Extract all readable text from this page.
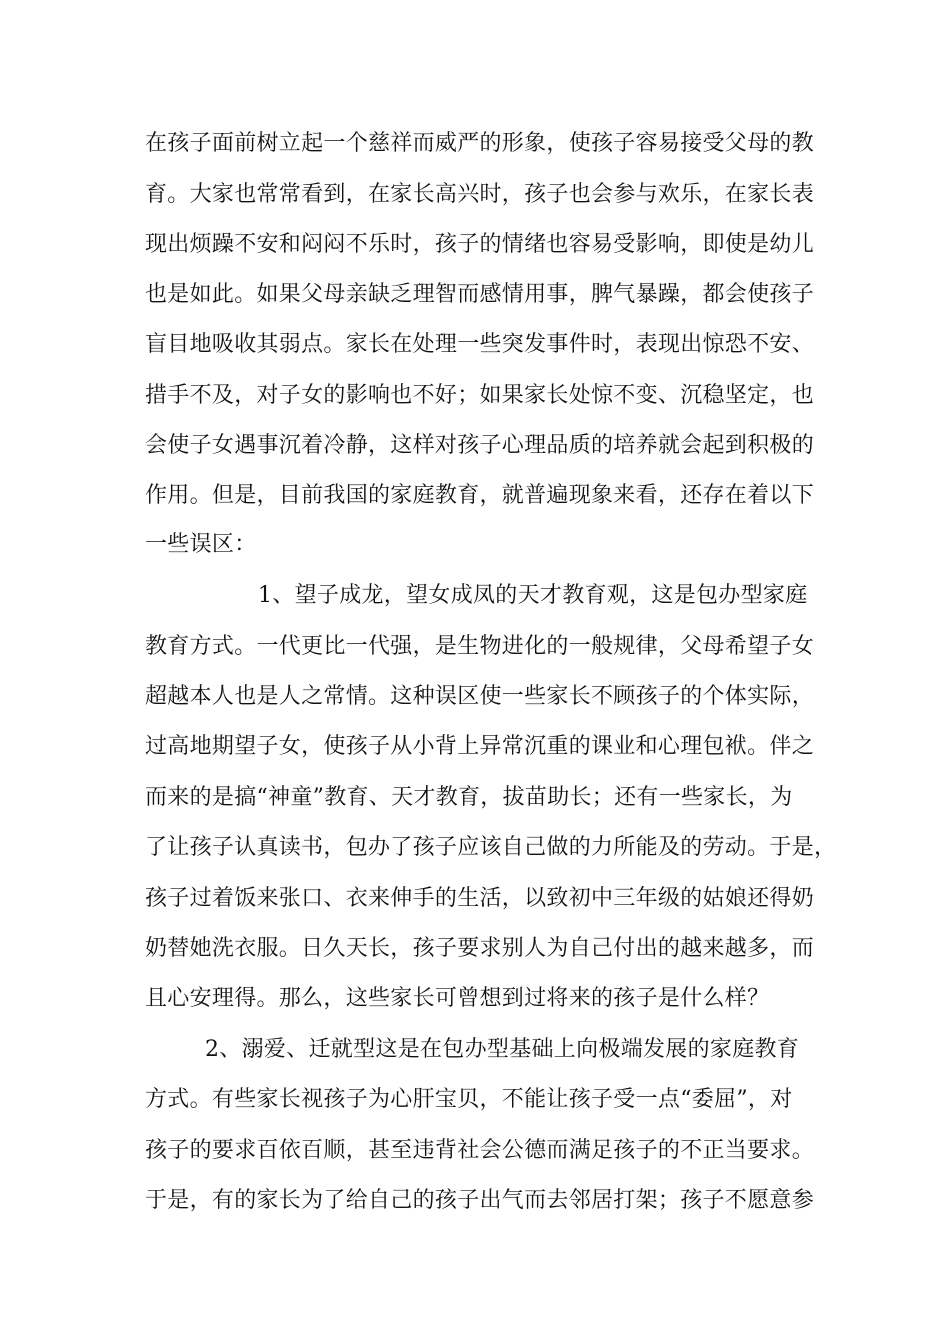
在孩子面前树立起一个慈祥而威严的形象，使孩子容易接受父母的教
育。大家也常常看到，在家长高兴时，孩子也会参与欢乐，在家长表
现出烦躁不安和闷闷不乐时，孩子的情绪也容易受影响，即使是幼儿
也是如此。如果父母亲缺乏理智而感情用事，脾气暴躁，都会使孩子
盲目地吸收其弱点。家长在处理一些突发事件时，表现出惊恐不安、
措手不及，对子女的影响也不好；如果家长处惊不变、沉稳坚定，也
会使子女遇事沉着冷静，这样对孩子心理品质的培养就会起到积极的
作用。但是，目前我国的家庭教育，就普遍现象来看，还存在着以下
一些误区：
1、望子成龙，望女成凤的天才教育观，这是包办型家庭
教育方式。一代更比一代强，是生物进化的一般规律，父母希望子女
超越本人也是人之常情。这种误区使一些家长不顾孩子的个体实际，
过高地期望子女，使孩子从小背上异常沉重的课业和心理包袱。伴之
而来的是搞“神童”教育、天才教育，拔苗助长；还有一些家长，为
了让孩子认真读书，包办了孩子应该自己做的力所能及的劳动。于是，
孩子过着饭来张口、衣来伸手的生活，以致初中三年级的姑娘还得奶
奶替她洗衣服。日久天长，孩子要求别人为自己付出的越来越多，而
且心安理得。那么，这些家长可曾想到过将来的孩子是什么样？
2、溺爱、迁就型这是在包办型基础上向极端发展的家庭教育
方式。有些家长视孩子为心肝宝贝，不能让孩子受一点“委屈”，对
孩子的要求百依百顺，甚至违背社会公德而满足孩子的不正当要求。
于是，有的家长为了给自己的孩子出气而去邻居打架；孩子不愿意参
